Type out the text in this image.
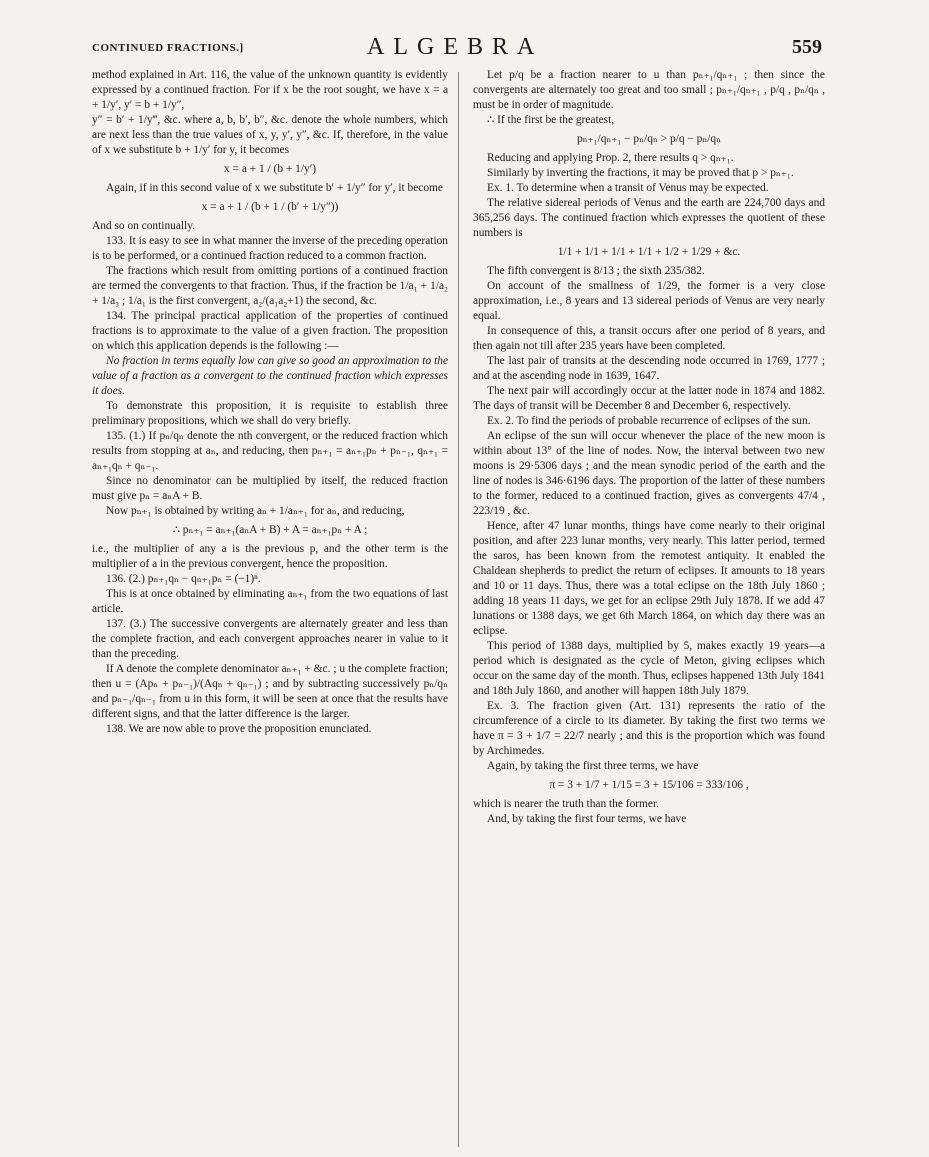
CONTINUED FRACTIONS.]	ALGEBRA	559

method explained in Art. 116, the value of the unknown quantity is evidently expressed by a continued fraction. For if x be the root sought, we have x = a + 1/y′, y′ = b + 1/y″,

y″ = b′ + 1/y‴, &c. where a, b, b′, b″, &c. denote the whole numbers, which are next less than the true values of x, y, y′, y″, &c. If, therefore, in the value of x we substitute b + 1/y′ for y, it becomes

x = a + 1 / (b + 1/y′)

Again, if in this second value of x we substitute b′ + 1/y″ for y′, it become

x = a + 1 / (b + 1 / (b′ + 1/y″))

And so on continually.

133. It is easy to see in what manner the inverse of the preceding operation is to be performed, or a continued fraction reduced to a common fraction.

The fractions which result from omitting portions of a continued fraction are termed the convergents to that fraction. Thus, if the fraction be 1/a₁ + 1/a₂ + 1/a₃ ; 1/a₁ is the first convergent, a₂/(a₁a₂+1) the second, &c.

134. The principal practical application of the properties of continued fractions is to approximate to the value of a given fraction. The proposition on which this application depends is the following :—

No fraction in terms equally low can give so good an approximation to the value of a fraction as a convergent to the continued fraction which expresses it does.

To demonstrate this proposition, it is requisite to establish three preliminary propositions, which we shall do very briefly.

135. (1.) If pₙ/qₙ denote the nth convergent, or the reduced fraction which results from stopping at aₙ, and reducing, then pₙ₊₁ = aₙ₊₁pₙ + pₙ₋₁, qₙ₊₁ = aₙ₊₁qₙ + qₙ₋₁.

Since no denominator can be multiplied by itself, the reduced fraction must give pₙ = aₙA + B.

Now pₙ₊₁ is obtained by writing aₙ + 1/aₙ₊₁ for aₙ, and reducing,

∴ pₙ₊₁ = aₙ₊₁(aₙA + B) + A = aₙ₊₁pₙ + A ;

i.e., the multiplier of any a is the previous p, and the other term is the multiplier of a in the previous convergent, hence the proposition.

136. (2.) pₙ₊₁qₙ − qₙ₊₁pₙ = (−1)ⁿ.

This is at once obtained by eliminating aₙ₊₁ from the two equations of last article.

137. (3.) The successive convergents are alternately greater and less than the complete fraction, and each convergent approaches nearer in value to it than the preceding.

If A denote the complete denominator aₙ₊₁ + &c. ; u the complete fraction; then u = (Apₙ + pₙ₋₁)/(Aqₙ + qₙ₋₁) ; and by subtracting successively pₙ/qₙ and pₙ₋₁/qₙ₋₁ from u in this form, it will be seen at once that the results have different signs, and that the latter difference is the larger.

138. We are now able to prove the proposition enunciated.

Let p/q be a fraction nearer to u than pₙ₊₁/qₙ₊₁ ; then since the convergents are alternately too great and too small ; pₙ₊₁/qₙ₊₁ , p/q , pₙ/qₙ , must be in order of magnitude.

∴ If the first be the greatest,

pₙ₊₁/qₙ₊₁ − pₙ/qₙ > p/q − pₙ/qₙ

Reducing and applying Prop. 2, there results q > qₙ₊₁.

Similarly by inverting the fractions, it may be proved that p > pₙ₊₁.

Ex. 1. To determine when a transit of Venus may be expected.

The relative sidereal periods of Venus and the earth are 224,700 days and 365,256 days. The continued fraction which expresses the quotient of these numbers is

1/1 + 1/1 + 1/1 + 1/1 + 1/2 + 1/29 + &c.

The fifth convergent is 8/13 ; the sixth 235/382.

On account of the smallness of 1/29, the former is a very close approximation, i.e., 8 years and 13 sidereal periods of Venus are very nearly equal.

In consequence of this, a transit occurs after one period of 8 years, and then again not till after 235 years have been completed.

The last pair of transits at the descending node occurred in 1769, 1777 ; and at the ascending node in 1639, 1647.

The next pair will accordingly occur at the latter node in 1874 and 1882. The days of transit will be December 8 and December 6, respectively.

Ex. 2. To find the periods of probable recurrence of eclipses of the sun.

An eclipse of the sun will occur whenever the place of the new moon is within about 13° of the line of nodes. Now, the interval between two new moons is 29·5306 days ; and the mean synodic period of the earth and the line of nodes is 346·6196 days. The proportion of the latter of these numbers to the former, reduced to a continued fraction, gives as convergents 47/4 , 223/19 , &c.

Hence, after 47 lunar months, things have come nearly to their original position, and after 223 lunar months, very nearly. This latter period, termed the saros, has been known from the remotest antiquity. It enabled the Chaldean shepherds to predict the return of eclipses. It amounts to 18 years and 10 or 11 days. Thus, there was a total eclipse on the 18th July 1860 ; adding 18 years 11 days, we get for an eclipse 29th July 1878. If we add 47 lunations or 1388 days, we get 6th March 1864, on which day there was an eclipse.

This period of 1388 days, multiplied by 5, makes exactly 19 years—a period which is designated as the cycle of Meton, giving eclipses which occur on the same day of the month. Thus, eclipses happened 13th July 1841 and 18th July 1860, and another will happen 18th July 1879.

Ex. 3. The fraction given (Art. 131) represents the ratio of the circumference of a circle to its diameter. By taking the first two terms we have π = 3 + 1/7 = 22/7 nearly ; and this is the proportion which was found by Archimedes.

Again, by taking the first three terms, we have

π = 3 + 1/7 + 1/15 = 3 + 15/106 = 333/106 ,

which is nearer the truth than the former.

And, by taking the first four terms, we have
